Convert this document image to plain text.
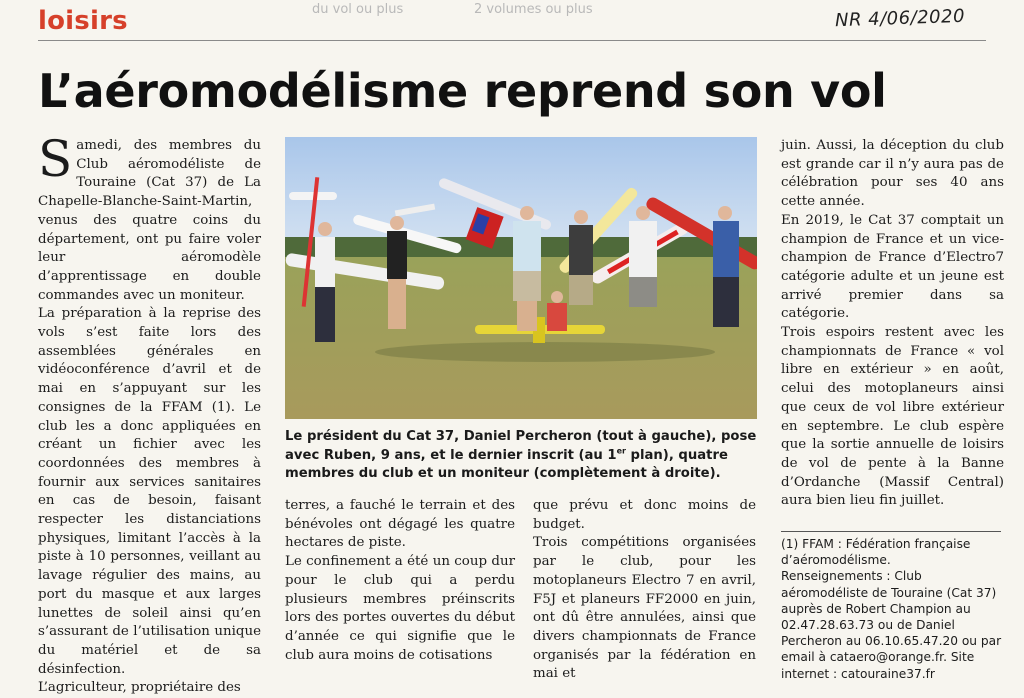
loisirs	du vol ou plus	2 volumes ou plus	NR 4/06/2020
L’aéromodélisme reprend son vol

Samedi, des membres du Club aéromodéliste de Touraine (Cat 37) de La Chapelle-Blanche-Saint-Martin, venus des quatre coins du département, ont pu faire voler leur aéromodèle d’apprentissage en double commandes avec un moniteur.

La préparation à la reprise des vols s’est faite lors des assemblées générales en vidéoconférence d’avril et de mai en s’appuyant sur les consignes de la FFAM (1). Le club les a donc appliquées en créant un fichier avec les coordonnées des membres à fournir aux services sanitaires en cas de besoin, faisant respecter les distanciations physiques, limitant l’accès à la piste à 10 personnes, veillant au lavage régulier des mains, au port du masque et aux larges lunettes de soleil ainsi qu’en s’assurant de l’utilisation unique du matériel et de sa désinfection.

L’agriculteur, propriétaire des

Le président du Cat 37, Daniel Percheron (tout à gauche), pose avec Ruben, 9 ans, et le dernier inscrit (au 1er plan), quatre membres du club et un moniteur (complètement à droite).

terres, a fauché le terrain et des bénévoles ont dégagé les quatre hectares de piste.

Le confinement a été un coup dur pour le club qui a perdu plusieurs membres préinscrits lors des portes ouvertes du début d’année ce qui signifie que le club aura moins de cotisations

que prévu et donc moins de budget.

Trois compétitions organisées par le club, pour les motoplaneurs Electro 7 en avril, F5J et planeurs FF2000 en juin, ont dû être annulées, ainsi que divers championnats de France organisés par la fédération en mai et

juin. Aussi, la déception du club est grande car il n’y aura pas de célébration pour ses 40 ans cette année.

En 2019, le Cat 37 comptait un champion de France et un vice-champion de France d’Electro7 catégorie adulte et un jeune est arrivé premier dans sa catégorie.

Trois espoirs restent avec les championnats de France « vol libre en extérieur » en août, celui des motoplaneurs ainsi que ceux de vol libre extérieur en septembre. Le club espère que la sortie annuelle de loisirs de vol de pente à la Banne d’Ordanche (Massif Central) aura bien lieu fin juillet.

(1) FFAM : Fédération française d’aéromodélisme.

Renseignements : Club aéromodéliste de Touraine (Cat 37) auprès de Robert Champion au 02.47.28.63.73 ou de Daniel Percheron au 06.10.65.47.20 ou par email à cataero@orange.fr. Site internet : catouraine37.fr
